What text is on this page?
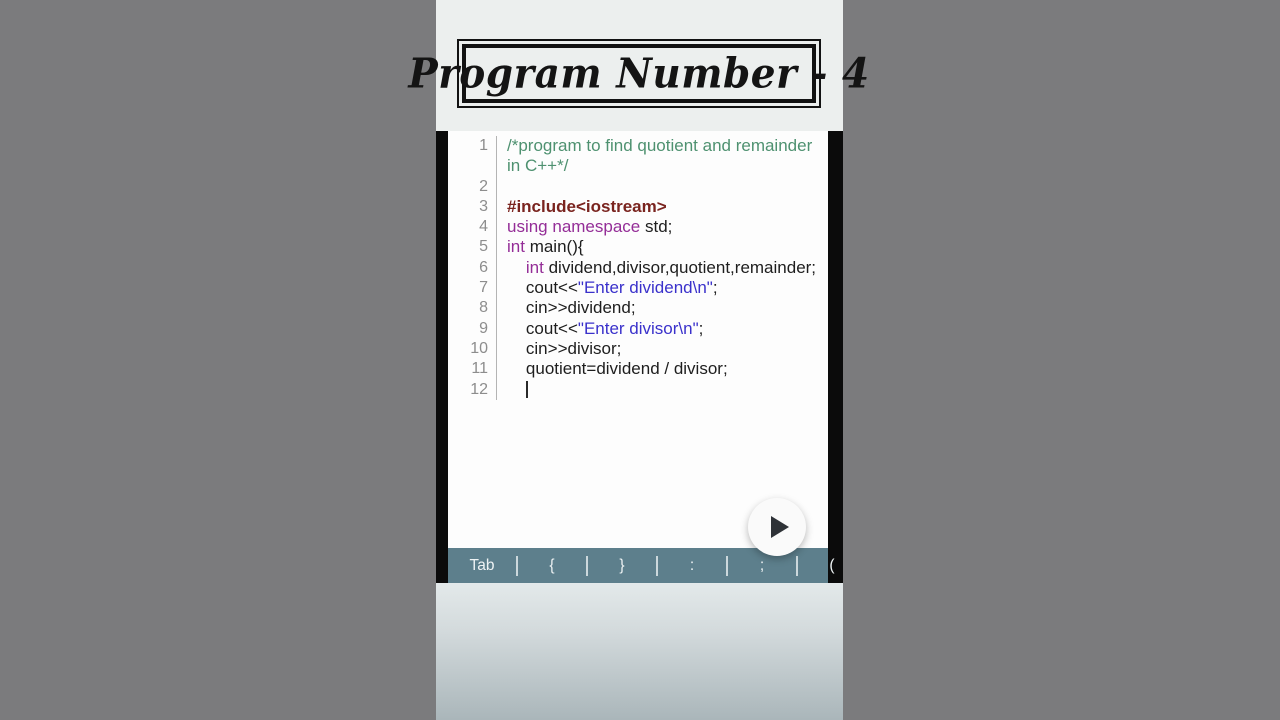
Program Number - 4
1	/*program to find quotient and remainder
in C++*/
2
3	#include<iostream>
4	using namespace std;
5	int main(){
6	int dividend,divisor,quotient,remainder;
7	cout<<"Enter dividend\n";
8	cin>>dividend;
9	cout<<"Enter divisor\n";
10	cin>>divisor;
11	quotient=dividend / divisor;
12

Tab	{	}	:	;	(
